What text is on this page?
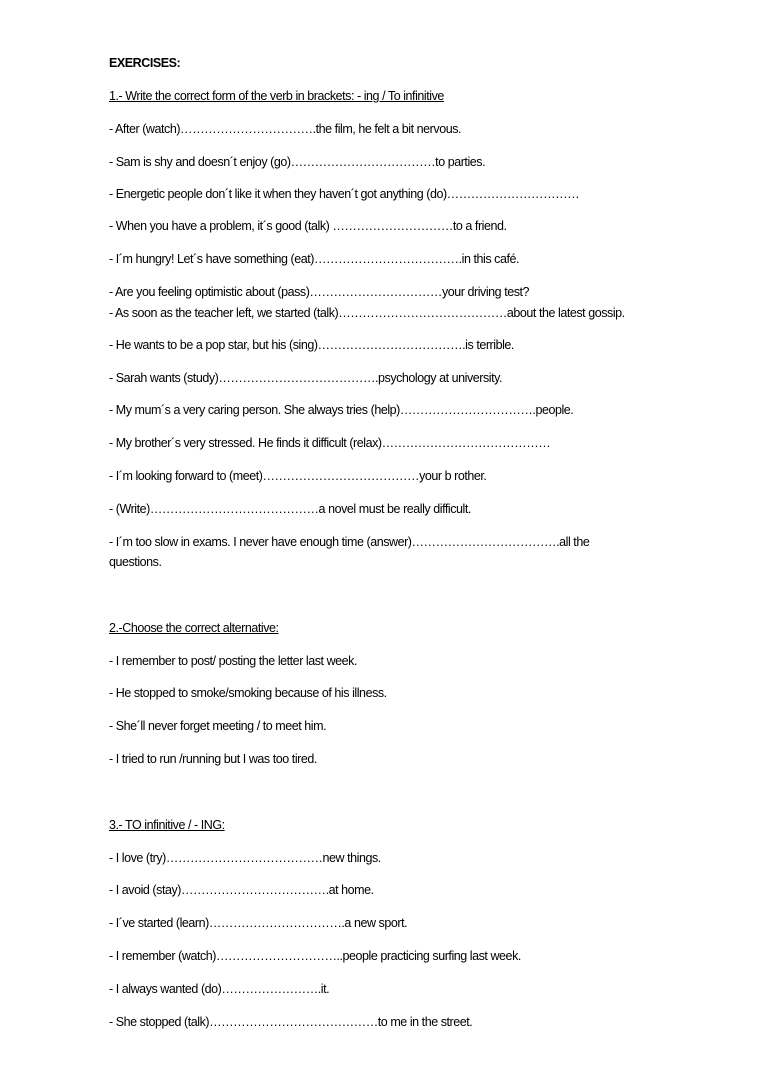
EXERCISES:
1.- Write the correct form of the verb in brackets: - ing / To infinitive
- After (watch)…………………………….the film, he felt a bit nervous.
- Sam is shy and doesn´t enjoy (go)………………………………to parties.
- Energetic people don´t like it when they haven´t got anything (do)……………………………
- When you have a problem, it´s good (talk) …………………………to a friend.
- I´m hungry! Let´s have something (eat)……………………………….in this café.
- Are you feeling optimistic about (pass)……………………………your driving test?
- As soon as the teacher left, we started (talk)……………………………………about the latest gossip.
- He wants to be a pop star, but his (sing)……………………………….is terrible.
- Sarah wants (study)………………………………….psychology at university.
- My mum´s a very caring person. She always tries (help)…………………………….people.
- My brother´s very stressed. He finds it difficult (relax)……………………………………
- I´m looking forward to (meet)…………………………………your b rother.
- (Write)……………………………………a novel must be really difficult.
- I´m too slow in exams. I never have enough time (answer)……………………………….all the
questions.
2.-Choose the correct alternative:
- I remember to post/ posting the letter last week.
- He stopped to smoke/smoking because of his illness.
- She´ll never forget meeting / to meet him.
- I tried to run /running but I was too tired.
3.- TO infinitive / - ING:
- I love (try)…………………………………new things.
- I avoid (stay)……………………………….at home.
- I´ve started (learn)…………………………….a new sport.
- I remember (watch)…………………………..people practicing surfing last week.
- I always wanted (do)…………………….it.
- She stopped (talk)……………………………………to me in the street.
